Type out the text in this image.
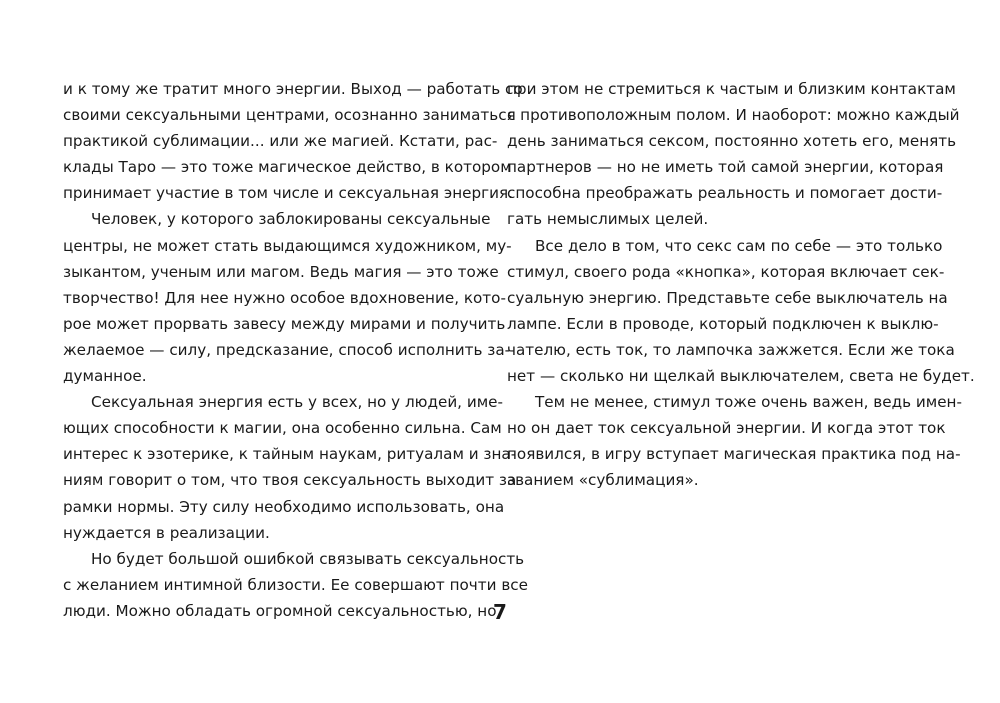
и к тому же тратит много энергии. Выход — работать со
своими сексуальными центрами, осознанно заниматься
практикой сублимации... или же магией. Кстати, рас-
клады Таро — это тоже магическое действо, в котором
принимает участие в том числе и сексуальная энергия.
Человек, у которого заблокированы сексуальные
центры, не может стать выдающимся художником, му-
зыкантом, ученым или магом. Ведь магия — это тоже
творчество! Для нее нужно особое вдохновение, кото-
рое может прорвать завесу между мирами и получить
желаемое — силу, предсказание, способ исполнить за-
думанное.
Сексуальная энергия есть у всех, но у людей, име-
ющих способности к магии, она особенно сильна. Сам
интерес к эзотерике, к тайным наукам, ритуалам и зна-
ниям говорит о том, что твоя сексуальность выходит за
рамки нормы. Эту силу необходимо использовать, она
нуждается в реализации.
Но будет большой ошибкой связывать сексуальность
с желанием интимной близости. Ее совершают почти все
люди. Можно обладать огромной сексуальностью, но
при этом не стремиться к частым и близким контактам
с противоположным полом. И наоборот: можно каждый
день заниматься сексом, постоянно хотеть его, менять
партнеров — но не иметь той самой энергии, которая
способна преображать реальность и помогает дости-
гать немыслимых целей.
Все дело в том, что секс сам по себе — это только
стимул, своего рода «кнопка», которая включает сек-
суальную энергию. Представьте себе выключатель на
лампе. Если в проводе, который подключен к выклю-
чателю, есть ток, то лампочка зажжется. Если же тока
нет — сколько ни щелкай выключателем, света не будет.
Тем не менее, стимул тоже очень важен, ведь имен-
но он дает ток сексуальной энергии. И когда этот ток
появился, в игру вступает магическая практика под на-
званием «сублимация».
7
